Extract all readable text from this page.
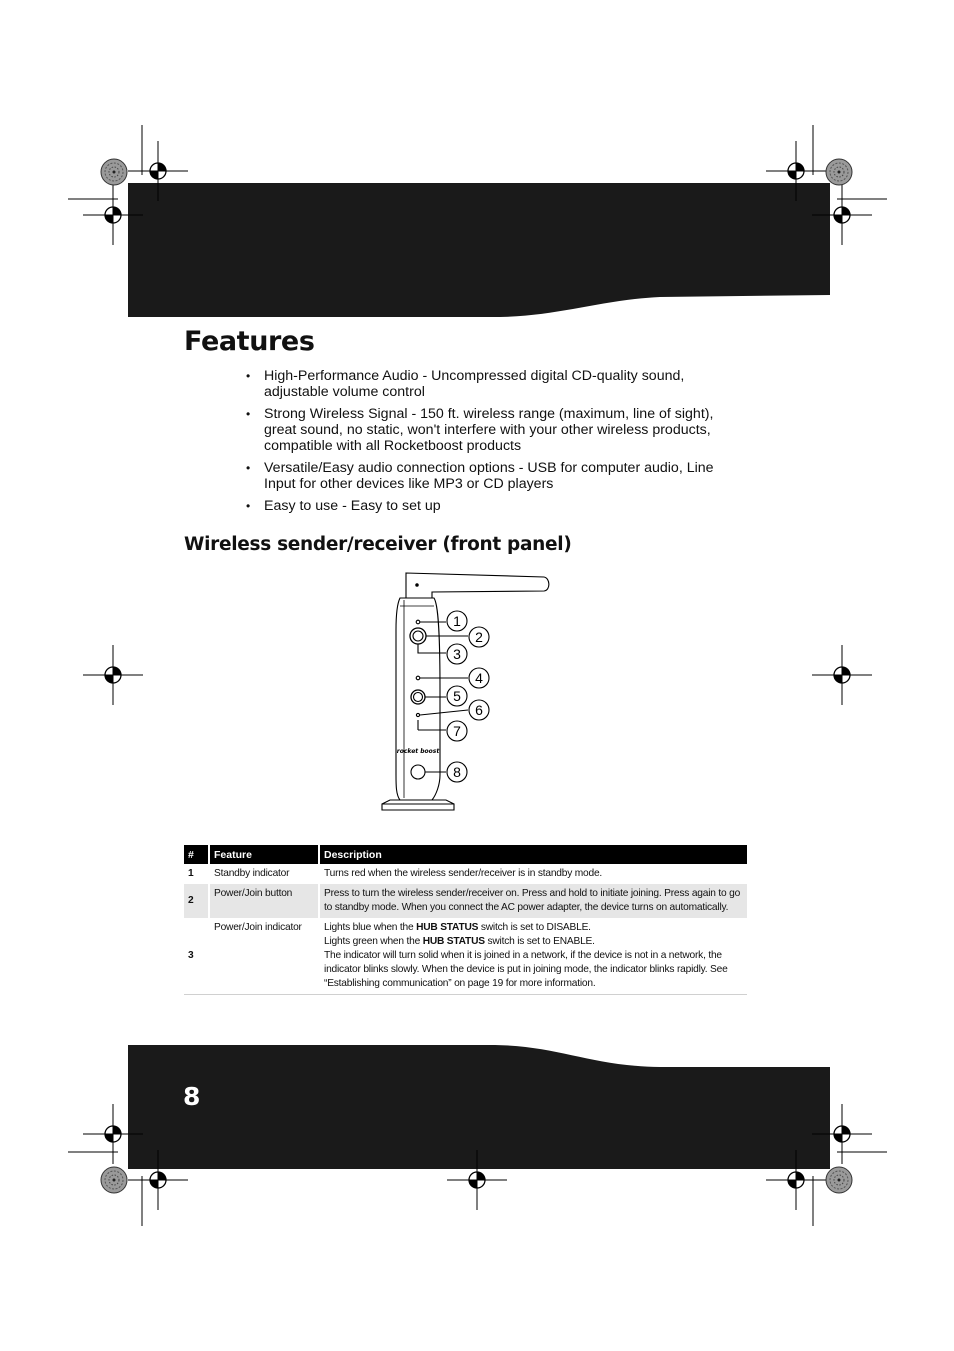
Features
• High-Performance Audio - Uncompressed digital CD-quality sound, adjustable volume control
• Strong Wireless Signal - 150 ft. wireless range (maximum, line of sight), great sound, no static, won't interfere with your other wireless products, compatible with all Rocketboost products
• Versatile/Easy audio connection options - USB for computer audio, Line Input for other devices like MP3 or CD players
• Easy to use - Easy to set up
Wireless sender/receiver (front panel)
1
2
3
4
5
6
7
8
rocket boost
#		Feature		Description
1		Standby indicator		Turns red when the wireless sender/receiver is in standby mode.
2		Power/Join button		Press to turn the wireless sender/receiver on. Press and hold to initiate joining. Press again to go to standby mode. When you connect the AC power adapter, the device turns on automatically.
3		Power/Join indicator		Lights blue when the HUB STATUS switch is set to DISABLE.
Lights green when the HUB STATUS switch is set to ENABLE.
The indicator will turn solid when it is joined in a network, if the device is not in a network, the indicator blinks slowly. When the device is put in joining mode, the indicator blinks rapidly. See “Establishing communication” on page 19 for more information.
8
